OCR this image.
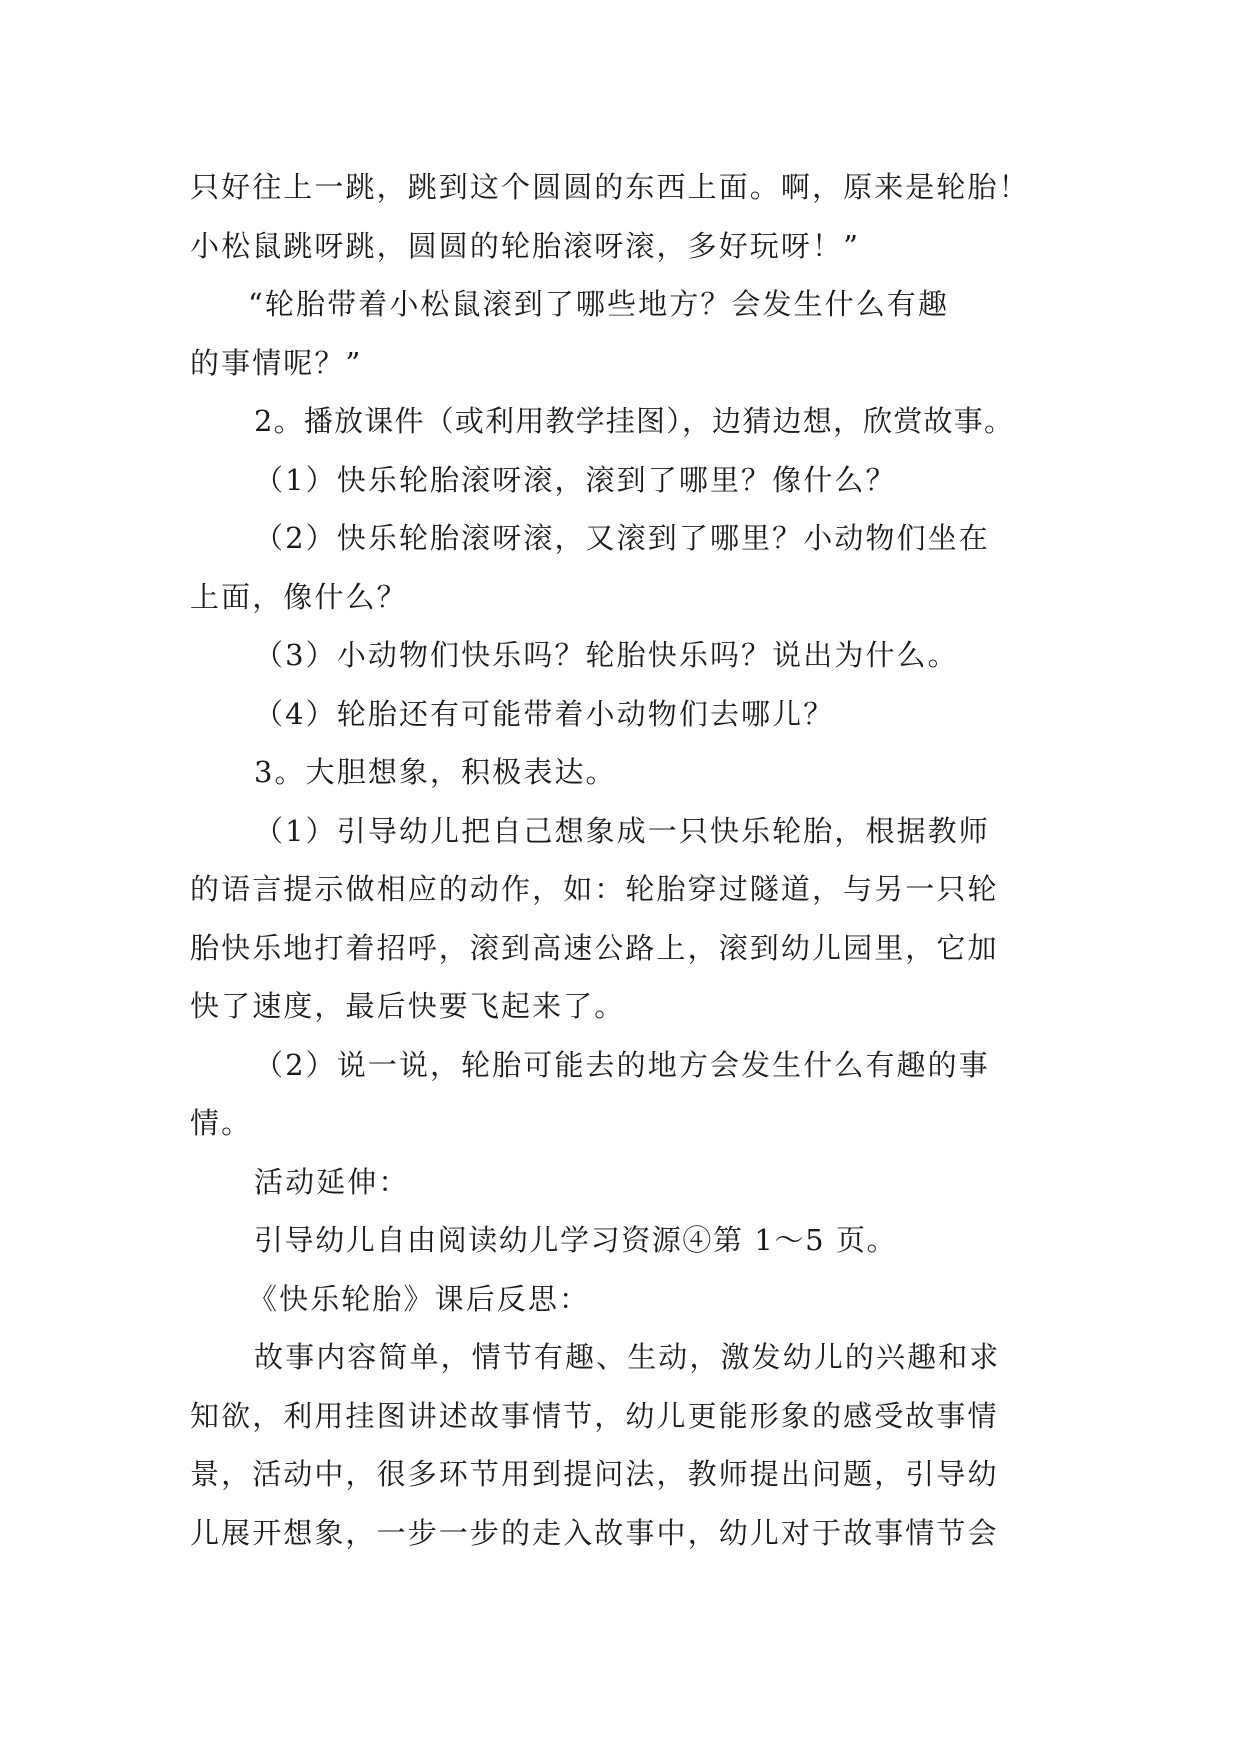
只好往上一跳，跳到这个圆圆的东西上面。啊，原来是轮胎！
小松鼠跳呀跳，圆圆的轮胎滚呀滚，多好玩呀！”
“轮胎带着小松鼠滚到了哪些地方？会发生什么有趣
的事情呢？”
2。播放课件（或利用教学挂图），边猜边想，欣赏故事。
（1）快乐轮胎滚呀滚，滚到了哪里？像什么？
（2）快乐轮胎滚呀滚，又滚到了哪里？小动物们坐在
上面，像什么？
（3）小动物们快乐吗？轮胎快乐吗？说出为什么。
（4）轮胎还有可能带着小动物们去哪儿？
3。大胆想象，积极表达。
（1）引导幼儿把自己想象成一只快乐轮胎，根据教师
的语言提示做相应的动作，如：轮胎穿过隧道，与另一只轮
胎快乐地打着招呼，滚到高速公路上，滚到幼儿园里，它加
快了速度，最后快要飞起来了。
（2）说一说，轮胎可能去的地方会发生什么有趣的事
情。
活动延伸：
引导幼儿自由阅读幼儿学习资源④第 1～5 页。
《快乐轮胎》课后反思：
故事内容简单，情节有趣、生动，激发幼儿的兴趣和求
知欲，利用挂图讲述故事情节，幼儿更能形象的感受故事情
景，活动中，很多环节用到提问法，教师提出问题，引导幼
儿展开想象，一步一步的走入故事中，幼儿对于故事情节会
